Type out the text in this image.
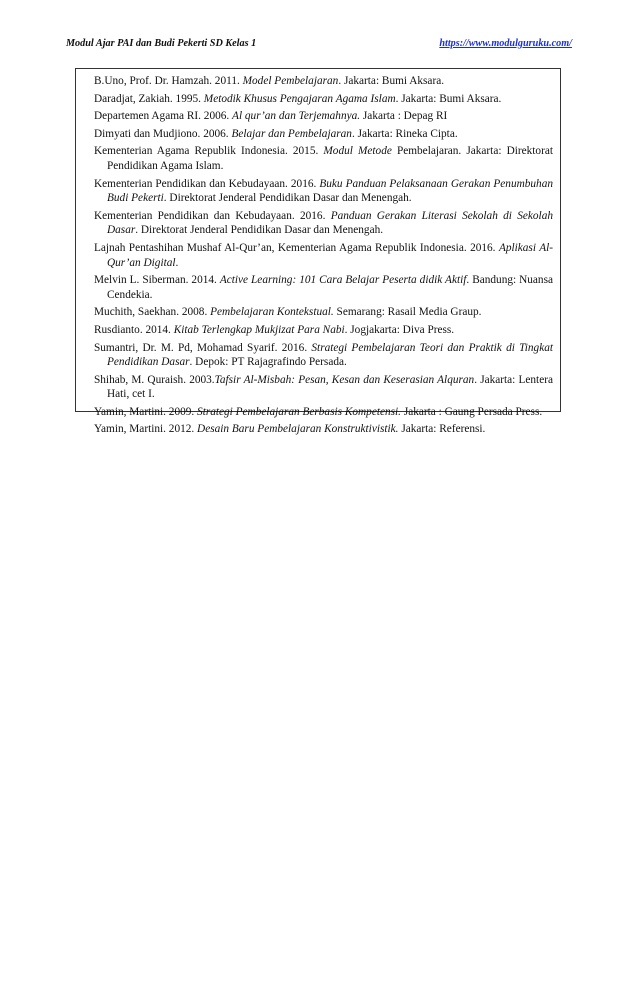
Modul Ajar PAI dan Budi Pekerti SD Kelas 1	https://www.modulguruku.com/

B.Uno, Prof. Dr. Hamzah. 2011. Model Pembelajaran. Jakarta: Bumi Aksara.

Daradjat, Zakiah. 1995. Metodik Khusus Pengajaran Agama Islam. Jakarta: Bumi Aksara.

Departemen Agama RI. 2006. Al qur’an dan Terjemahnya. Jakarta : Depag RI

Dimyati dan Mudjiono. 2006. Belajar dan Pembelajaran. Jakarta: Rineka Cipta.

Kementerian Agama Republik Indonesia. 2015. Modul Metode Pembelajaran. Jakarta: Direktorat Pendidikan Agama Islam.

Kementerian Pendidikan dan Kebudayaan. 2016. Buku Panduan Pelaksanaan Gerakan Penumbuhan Budi Pekerti. Direktorat Jenderal Pendidikan Dasar dan Menengah.

Kementerian Pendidikan dan Kebudayaan. 2016. Panduan Gerakan Literasi Sekolah di Sekolah Dasar. Direktorat Jenderal Pendidikan Dasar dan Menengah.

Lajnah Pentashihan Mushaf Al-Qur’an, Kementerian Agama Republik Indonesia. 2016. Aplikasi Al-Qur’an Digital.

Melvin L. Siberman. 2014. Active Learning: 101 Cara Belajar Peserta didik Aktif. Bandung: Nuansa Cendekia.

Muchith, Saekhan. 2008. Pembelajaran Kontekstual. Semarang: Rasail Media Graup.

Rusdianto. 2014. Kitab Terlengkap Mukjizat Para Nabi. Jogjakarta: Diva Press.

Sumantri, Dr. M. Pd, Mohamad Syarif. 2016. Strategi Pembelajaran Teori dan Praktik di Tingkat Pendidikan Dasar. Depok: PT Rajagrafindo Persada.

Shihab, M. Quraish. 2003.Tafsir Al-Misbah: Pesan, Kesan dan Keserasian Alquran. Jakarta: Lentera Hati, cet I.

Yamin, Martini. 2009. Strategi Pembelajaran Berbasis Kompetensi. Jakarta : Gaung Persada Press.

Yamin, Martini. 2012. Desain Baru Pembelajaran Konstruktivistik. Jakarta: Referensi.
